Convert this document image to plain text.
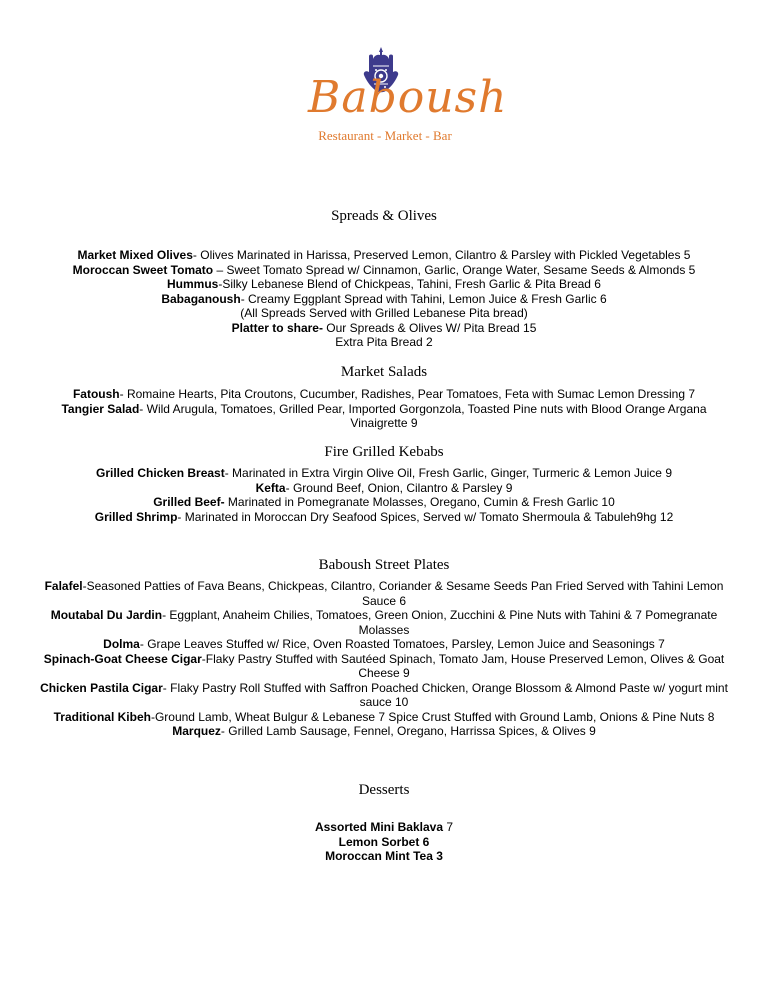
Baboush
Restaurant - Market - Bar
Spreads & Olives
Market Mixed Olives- Olives Marinated in Harissa, Preserved Lemon, Cilantro & Parsley with Pickled Vegetables 5
Moroccan Sweet Tomato – Sweet Tomato Spread w/ Cinnamon, Garlic, Orange Water, Sesame Seeds & Almonds 5
Hummus-Silky Lebanese Blend of Chickpeas, Tahini, Fresh Garlic & Pita Bread 6
Babaganoush- Creamy Eggplant Spread with Tahini, Lemon Juice & Fresh Garlic 6
(All Spreads Served with Grilled Lebanese Pita bread)
Platter to share- Our Spreads & Olives W/ Pita Bread 15
Extra Pita Bread 2
Market Salads
Fatoush- Romaine Hearts, Pita Croutons, Cucumber, Radishes, Pear Tomatoes, Feta with Sumac Lemon Dressing 7
Tangier Salad- Wild Arugula, Tomatoes, Grilled Pear, Imported Gorgonzola, Toasted Pine nuts with Blood Orange Argana Vinaigrette 9
Fire Grilled Kebabs
Grilled Chicken Breast- Marinated in Extra Virgin Olive Oil, Fresh Garlic, Ginger, Turmeric & Lemon Juice 9
Kefta- Ground Beef, Onion, Cilantro & Parsley 9
Grilled Beef- Marinated in Pomegranate Molasses, Oregano, Cumin & Fresh Garlic 10
Grilled Shrimp- Marinated in Moroccan Dry Seafood Spices, Served w/ Tomato Shermoula & Tabuleh9hg 12
Baboush Street Plates
Falafel-Seasoned Patties of Fava Beans, Chickpeas, Cilantro, Coriander & Sesame Seeds Pan Fried Served with Tahini Lemon Sauce 6
Moutabal Du Jardin- Eggplant, Anaheim Chilies, Tomatoes, Green Onion, Zucchini & Pine Nuts with Tahini & 7 Pomegranate Molasses
Dolma- Grape Leaves Stuffed w/ Rice, Oven Roasted Tomatoes, Parsley, Lemon Juice and Seasonings 7
Spinach-Goat Cheese Cigar-Flaky Pastry Stuffed with Sautéed Spinach, Tomato Jam, House Preserved Lemon, Olives & Goat Cheese 9
Chicken Pastila Cigar- Flaky Pastry Roll Stuffed with Saffron Poached Chicken, Orange Blossom & Almond Paste w/ yogurt mint sauce 10
Traditional Kibeh-Ground Lamb, Wheat Bulgur & Lebanese 7 Spice Crust Stuffed with Ground Lamb, Onions & Pine Nuts 8
Marquez- Grilled Lamb Sausage, Fennel, Oregano, Harrissa Spices, & Olives 9
Desserts
Assorted Mini Baklava 7
Lemon Sorbet 6
Moroccan Mint Tea 3
